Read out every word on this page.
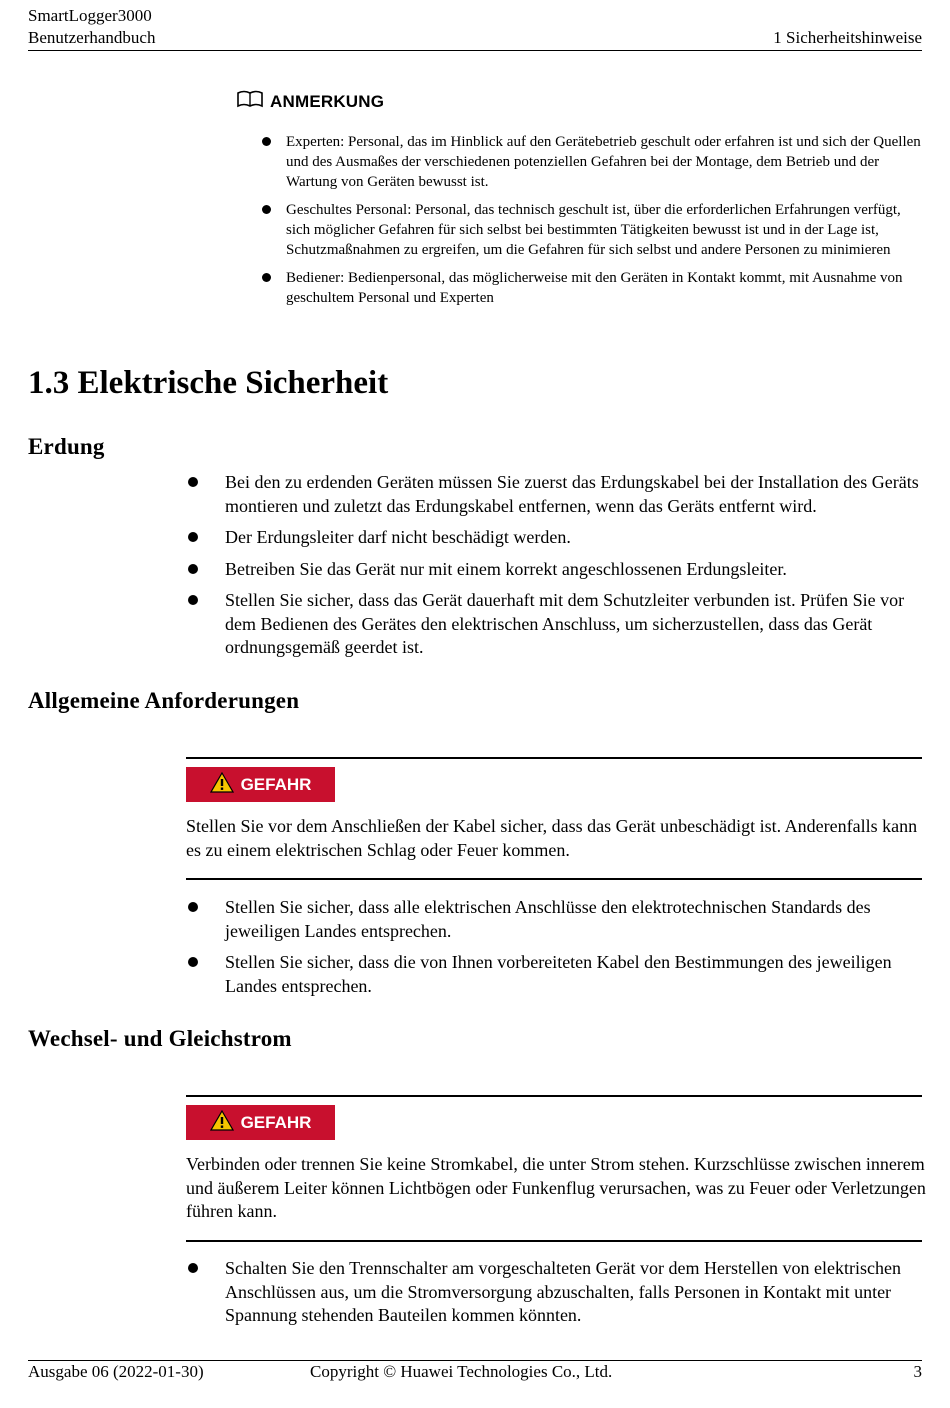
SmartLogger3000
Benutzerhandbuch	1 Sicherheitshinweise
ANMERKUNG
Experten: Personal, das im Hinblick auf den Gerätebetrieb geschult oder erfahren ist und sich der Quellen und des Ausmaßes der verschiedenen potenziellen Gefahren bei der Montage, dem Betrieb und der Wartung von Geräten bewusst ist.
Geschultes Personal: Personal, das technisch geschult ist, über die erforderlichen Erfahrungen verfügt, sich möglicher Gefahren für sich selbst bei bestimmten Tätigkeiten bewusst ist und in der Lage ist, Schutzmaßnahmen zu ergreifen, um die Gefahren für sich selbst und andere Personen zu minimieren
Bediener: Bedienpersonal, das möglicherweise mit den Geräten in Kontakt kommt, mit Ausnahme von geschultem Personal und Experten
1.3 Elektrische Sicherheit
Erdung
Bei den zu erdenden Geräten müssen Sie zuerst das Erdungskabel bei der Installation des Geräts montieren und zuletzt das Erdungskabel entfernen, wenn das Geräts entfernt wird.
Der Erdungsleiter darf nicht beschädigt werden.
Betreiben Sie das Gerät nur mit einem korrekt angeschlossenen Erdungsleiter.
Stellen Sie sicher, dass das Gerät dauerhaft mit dem Schutzleiter verbunden ist. Prüfen Sie vor dem Bedienen des Gerätes den elektrischen Anschluss, um sicherzustellen, dass das Gerät ordnungsgemäß geerdet ist.
Allgemeine Anforderungen
GEFAHR
Stellen Sie vor dem Anschließen der Kabel sicher, dass das Gerät unbeschädigt ist. Anderenfalls kann es zu einem elektrischen Schlag oder Feuer kommen.
Stellen Sie sicher, dass alle elektrischen Anschlüsse den elektrotechnischen Standards des jeweiligen Landes entsprechen.
Stellen Sie sicher, dass die von Ihnen vorbereiteten Kabel den Bestimmungen des jeweiligen Landes entsprechen.
Wechsel- und Gleichstrom
GEFAHR
Verbinden oder trennen Sie keine Stromkabel, die unter Strom stehen. Kurzschlüsse zwischen innerem und äußerem Leiter können Lichtbögen oder Funkenflug verursachen, was zu Feuer oder Verletzungen führen kann.
Schalten Sie den Trennschalter am vorgeschalteten Gerät vor dem Herstellen von elektrischen Anschlüssen aus, um die Stromversorgung abzuschalten, falls Personen in Kontakt mit unter Spannung stehenden Bauteilen kommen könnten.
Ausgabe 06 (2022-01-30)	Copyright © Huawei Technologies Co., Ltd.	3
